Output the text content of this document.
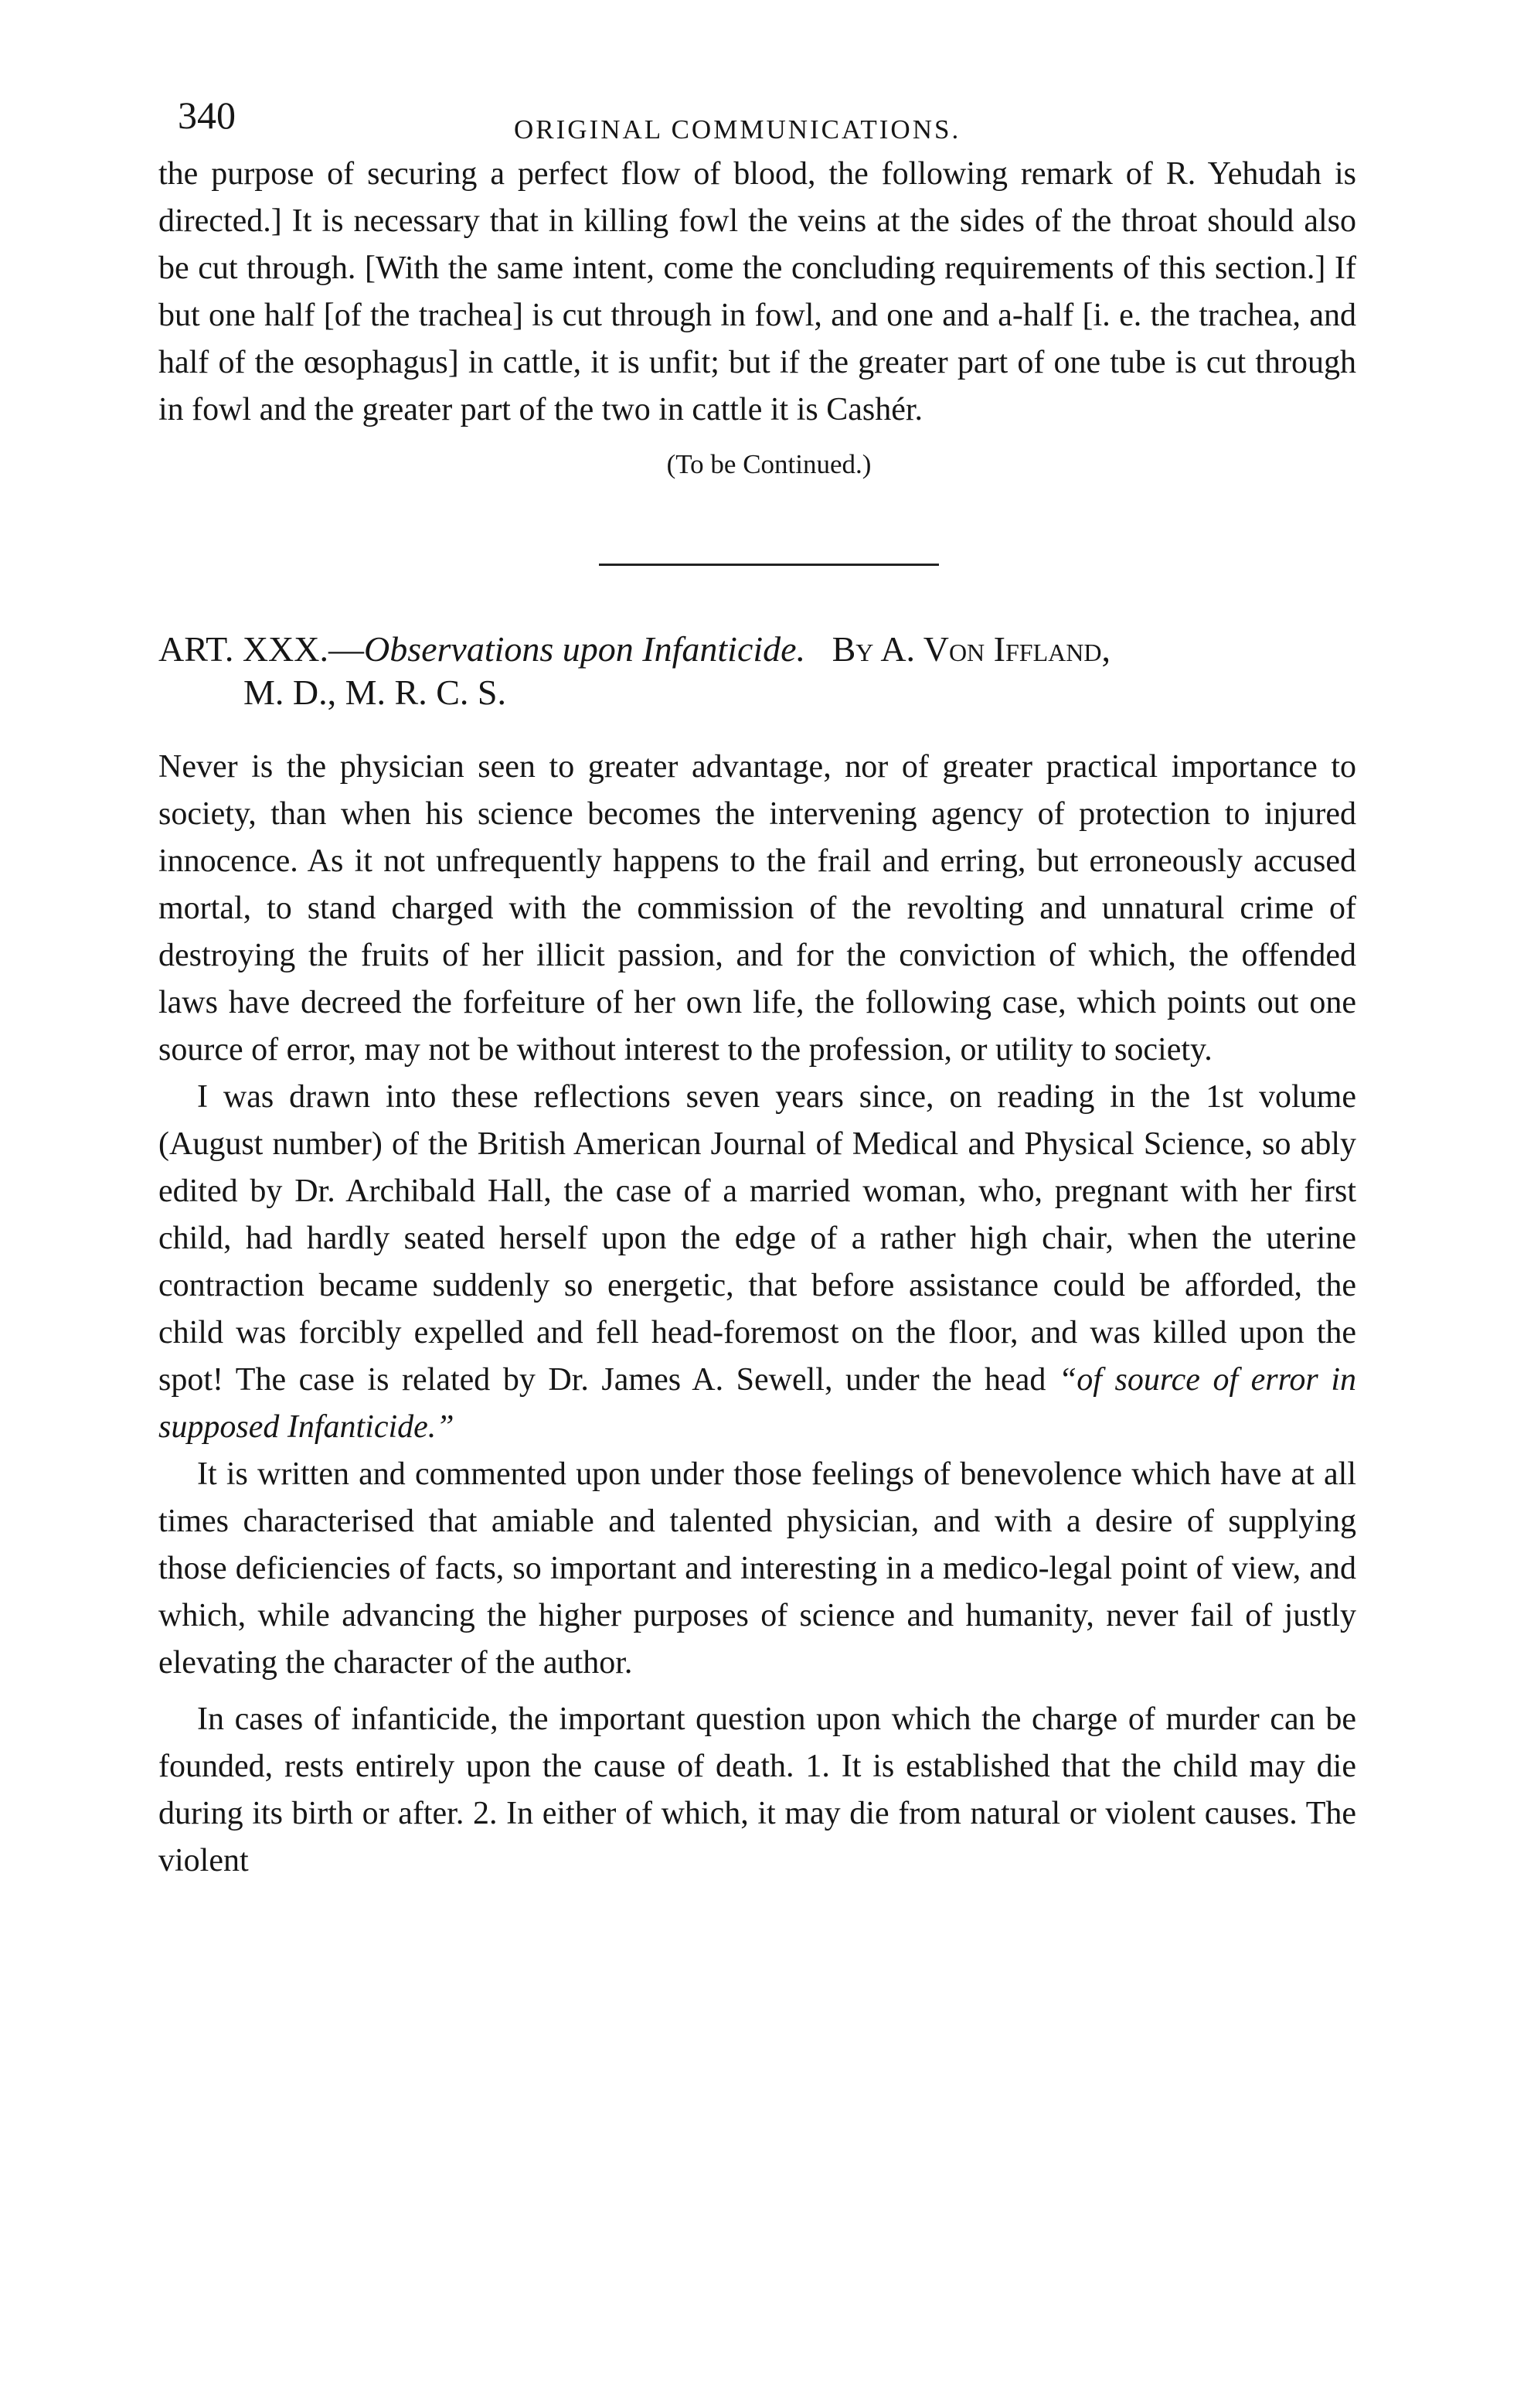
340	ORIGINAL COMMUNICATIONS.

the purpose of securing a perfect flow of blood, the following remark of R. Yehudah is directed.] It is necessary that in killing fowl the veins at the sides of the throat should also be cut through. [With the same intent, come the concluding requirements of this section.] If but one half [of the trachea] is cut through in fowl, and one and a-half [i. e. the trachea, and half of the œsophagus] in cattle, it is unfit; but if the greater part of one tube is cut through in fowl and the greater part of the two in cattle it is Cashér.

(To be Continued.)
ART. XXX.—Observations upon Infanticide. By A. Von Iffland,
M. D., M. R. C. S.

Never is the physician seen to greater advantage, nor of greater practical importance to society, than when his science becomes the intervening agency of protection to injured innocence. As it not unfrequently happens to the frail and erring, but erroneously accused mortal, to stand charged with the commission of the revolting and unnatural crime of destroying the fruits of her illicit passion, and for the conviction of which, the offended laws have decreed the forfeiture of her own life, the following case, which points out one source of error, may not be without interest to the profession, or utility to society.

I was drawn into these reflections seven years since, on reading in the 1st volume (August number) of the British American Journal of Medical and Physical Science, so ably edited by Dr. Archibald Hall, the case of a married woman, who, pregnant with her first child, had hardly seated herself upon the edge of a rather high chair, when the uterine contraction became suddenly so energetic, that before assistance could be afforded, the child was forcibly expelled and fell head-foremost on the floor, and was killed upon the spot! The case is related by Dr. James A. Sewell, under the head “of source of error in supposed Infanticide.”

It is written and commented upon under those feelings of benevolence which have at all times characterised that amiable and talented physician, and with a desire of supplying those deficiencies of facts, so important and interesting in a medico-legal point of view, and which, while advancing the higher purposes of science and humanity, never fail of justly elevating the character of the author.

In cases of infanticide, the important question upon which the charge of murder can be founded, rests entirely upon the cause of death. 1. It is established that the child may die during its birth or after. 2. In either of which, it may die from natural or violent causes. The violent
